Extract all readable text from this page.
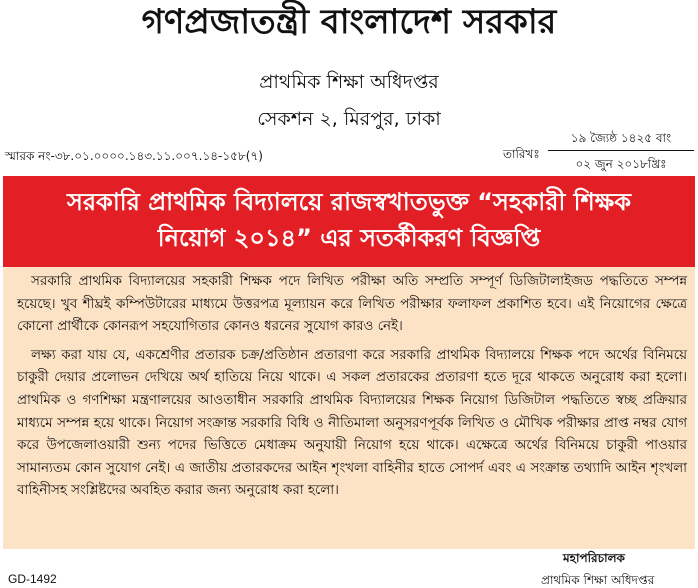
গণপ্রজাতন্ত্রী বাংলাদেশ সরকার
প্রাথমিক শিক্ষা অধিদপ্তর
সেকশন ২, মিরপুর, ঢাকা
স্মারক নং-৩৮.০১.০০০০.১৪৩.১১.০০৭.১৪-১৫৮(৭)	তারিখঃ
১৯ জ্যৈষ্ঠ ১৪২৫ বাং
০২ জুন ২০১৮খ্রিঃ
সরকারি প্রাথমিক বিদ্যালয়ে রাজস্বখাতভুক্ত “সহকারী শিক্ষক
নিয়োগ ২০১৪” এর সতর্কীকরণ বিজ্ঞপ্তি

সরকারি প্রাথমিক বিদ্যালয়ের সহকারী শিক্ষক পদে লিখিত পরীক্ষা অতি সম্প্রতি সম্পূর্ণ ডিজিটালাইজড পদ্ধতিতে সম্পন্ন হয়েছে। খুব শীঘ্রই কম্পিউটারের মাধ্যমে উত্তরপত্র মূল্যায়ন করে লিখিত পরীক্ষার ফলাফল প্রকাশিত হবে। এই নিয়োগের ক্ষেত্রে কোনো প্রার্থীকে কোনরূপ সহযোগিতার কোনও ধরনের সুযোগ কারও নেই।

লক্ষ্য করা যায় যে, একশ্রেণীর প্রতারক চক্র/প্রতিষ্ঠান প্রতারণা করে সরকারি প্রাথমিক বিদ্যালয়ে শিক্ষক পদে অর্থের বিনিময়ে চাকুরী দেয়ার প্রলোভন দেখিয়ে অর্থ হাতিয়ে নিয়ে থাকে। এ সকল প্রতারকের প্রতারণা হতে দূরে থাকতে অনুরোধ করা হলো। প্রাথমিক ও গণশিক্ষা মন্ত্রণালয়ের আওতাধীন সরকারি প্রাথমিক বিদ্যালয়ের শিক্ষক নিয়োগ ডিজিটাল পদ্ধতিতে স্বচ্ছ প্রক্রিয়ার মাধ্যমে সম্পন্ন হয়ে থাকে। নিয়োগ সংক্রান্ত সরকারি বিধি ও নীতিমালা অনুসরণপূর্বক লিখিত ও মৌখিক পরীক্ষার প্রাপ্ত নম্বর যোগ করে উপজেলাওয়ারী শুন্য পদের ভিত্তিতে মেধাক্রম অনুযায়ী নিয়োগ হয়ে থাকে। এক্ষেত্রে অর্থের বিনিময়ে চাকুরী পাওয়ার সামান্যতম কোন সুযোগ নেই। এ জাতীয় প্রতারকদের আইন শৃংখলা বাহিনীর হাতে সোপর্দ এবং এ সংক্রান্ত তথ্যাদি আইন শৃংখলা বাহিনীসহ সংশ্লিষ্টদের অবহিত করার জন্য অনুরোধ করা হলো।

মহাপরিচালক
প্রাথমিক শিক্ষা অধিদপ্তর
GD-1492
